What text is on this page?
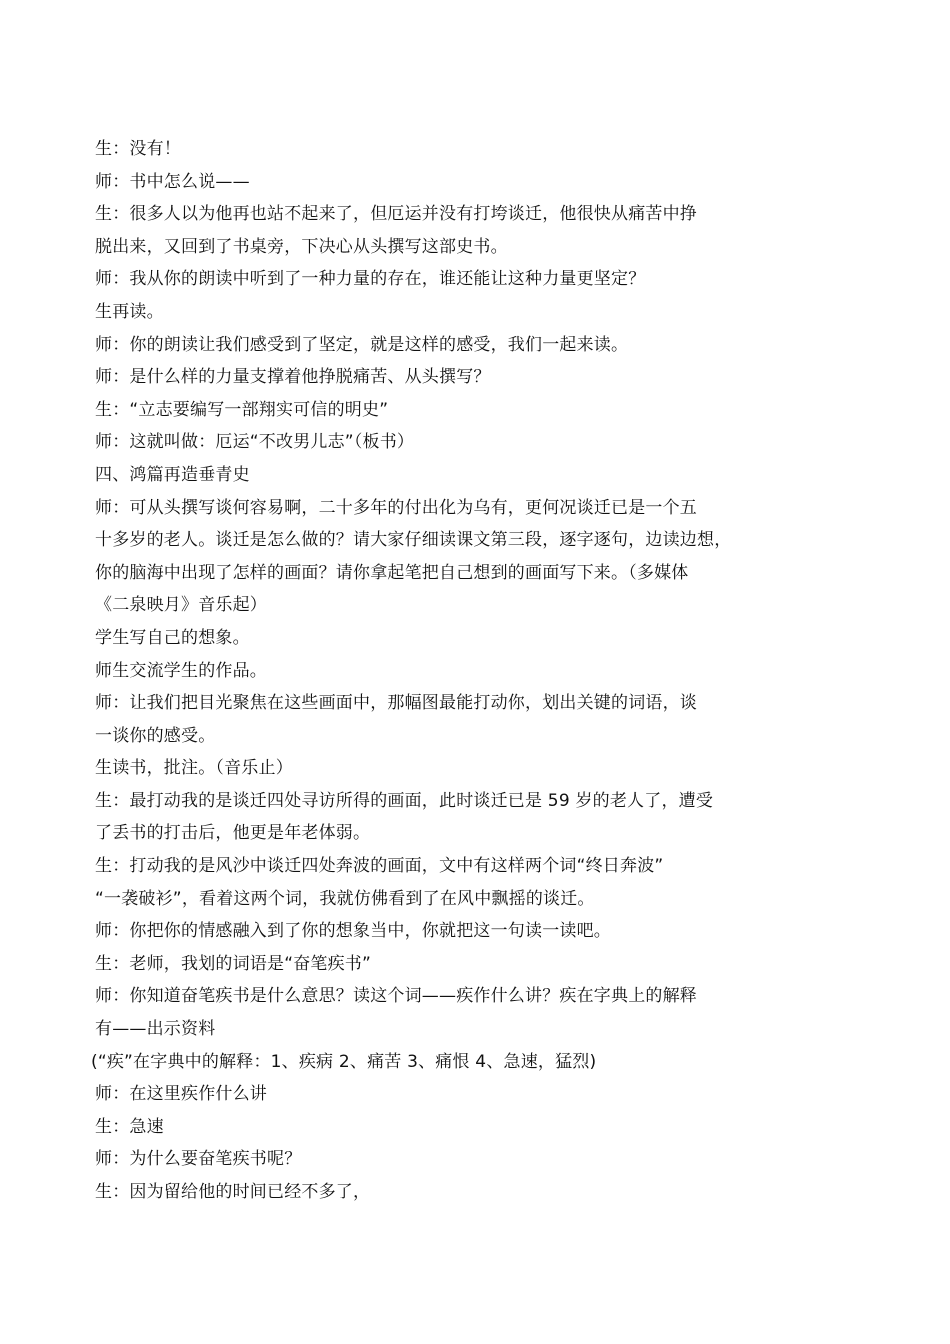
生：没有！
师：书中怎么说——
生：很多人以为他再也站不起来了，但厄运并没有打垮谈迁，他很快从痛苦中挣
脱出来，又回到了书桌旁，下决心从头撰写这部史书。
师：我从你的朗读中听到了一种力量的存在，谁还能让这种力量更坚定？
生再读。
师：你的朗读让我们感受到了坚定，就是这样的感受，我们一起来读。
师：是什么样的力量支撑着他挣脱痛苦、从头撰写？
生：“立志要编写一部翔实可信的明史”
师：这就叫做：厄运“不改男儿志”（板书）
四、鸿篇再造垂青史
师：可从头撰写谈何容易啊，二十多年的付出化为乌有，更何况谈迁已是一个五
十多岁的老人。谈迁是怎么做的？请大家仔细读课文第三段，逐字逐句，边读边想，
你的脑海中出现了怎样的画面？请你拿起笔把自己想到的画面写下来。（多媒体
《二泉映月》音乐起）
学生写自己的想象。
师生交流学生的作品。
师：让我们把目光聚焦在这些画面中，那幅图最能打动你，划出关键的词语，谈
一谈你的感受。
生读书，批注。（音乐止）
生：最打动我的是谈迁四处寻访所得的画面，此时谈迁已是 59 岁的老人了，遭受
了丢书的打击后，他更是年老体弱。
生：打动我的是风沙中谈迁四处奔波的画面，文中有这样两个词“终日奔波”
“一袭破衫”，看着这两个词，我就仿佛看到了在风中飘摇的谈迁。
师：你把你的情感融入到了你的想象当中，你就把这一句读一读吧。
生：老师，我划的词语是“奋笔疾书”
师：你知道奋笔疾书是什么意思？读这个词——疾作什么讲？疾在字典上的解释
有——出示资料
(“疾”在字典中的解释：1、疾病 2、痛苦 3、痛恨 4、急速，猛烈)
师：在这里疾作什么讲
生：急速
师：为什么要奋笔疾书呢？
生：因为留给他的时间已经不多了，
